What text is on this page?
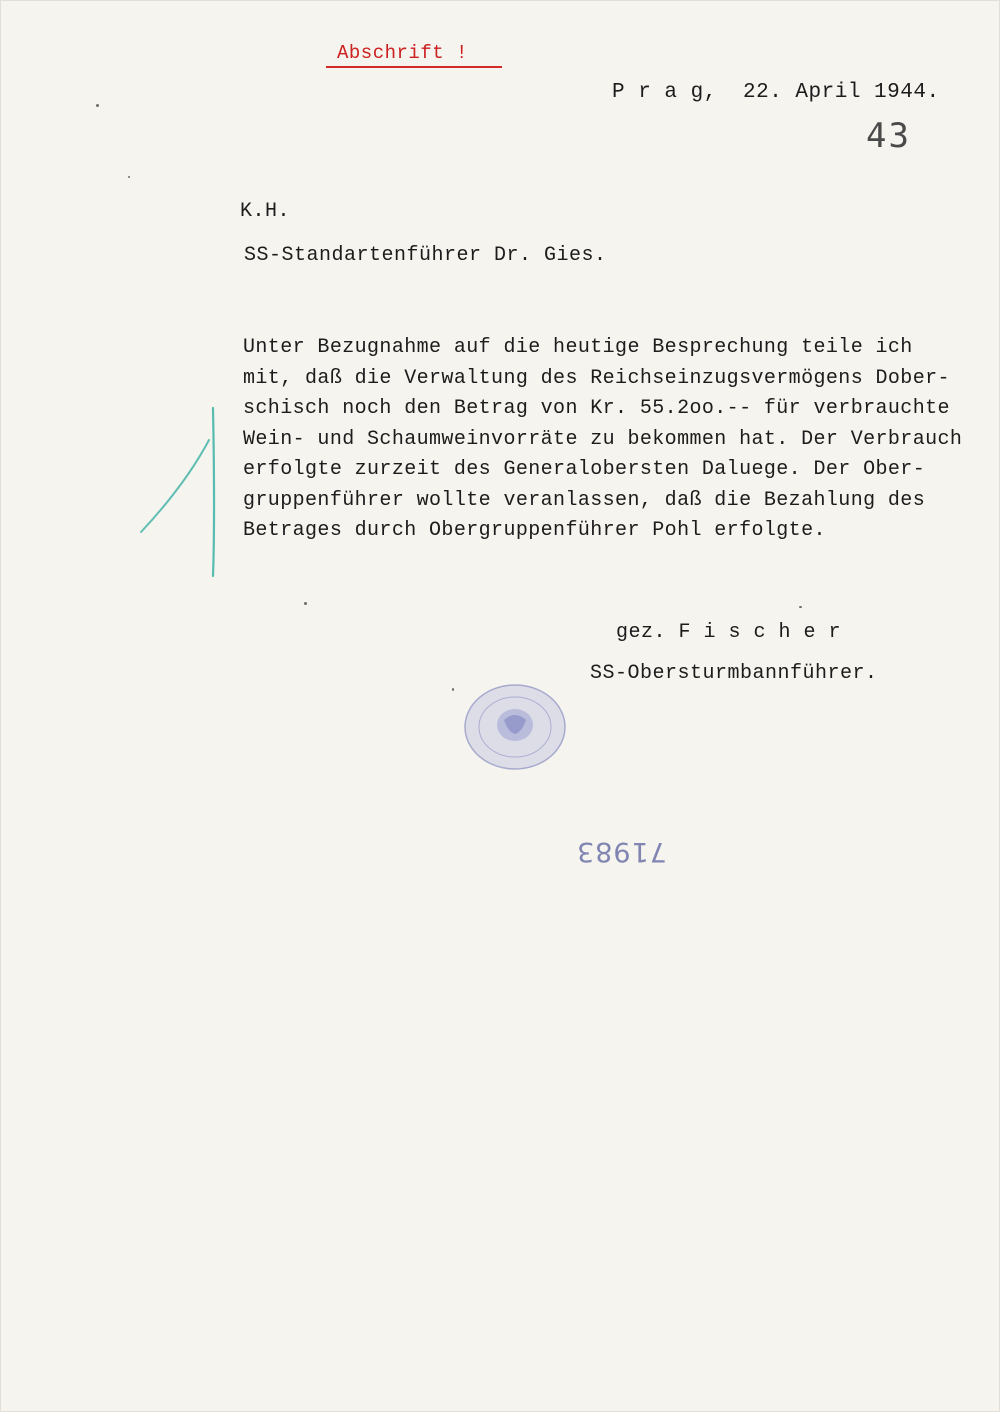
Abschrift !
P r a g,  22. April 1944.
43
K.H.
SS-Standartenführer Dr. Gies.
Unter Bezugnahme auf die heutige Besprechung teile ich
mit, daß die Verwaltung des Reichseinzugsvermögens Dober-
schisch noch den Betrag von Kr. 55.2oo.-- für verbrauchte
Wein- und Schaumweinvorräte zu bekommen hat. Der Verbrauch
erfolgte zurzeit des Generalobersten Daluege. Der Ober-
gruppenführer wollte veranlassen, daß die Bezahlung des
Betrages durch Obergruppenführer Pohl erfolgte.
gez. F i s c h e r
SS-Obersturmbannführer.
71983
